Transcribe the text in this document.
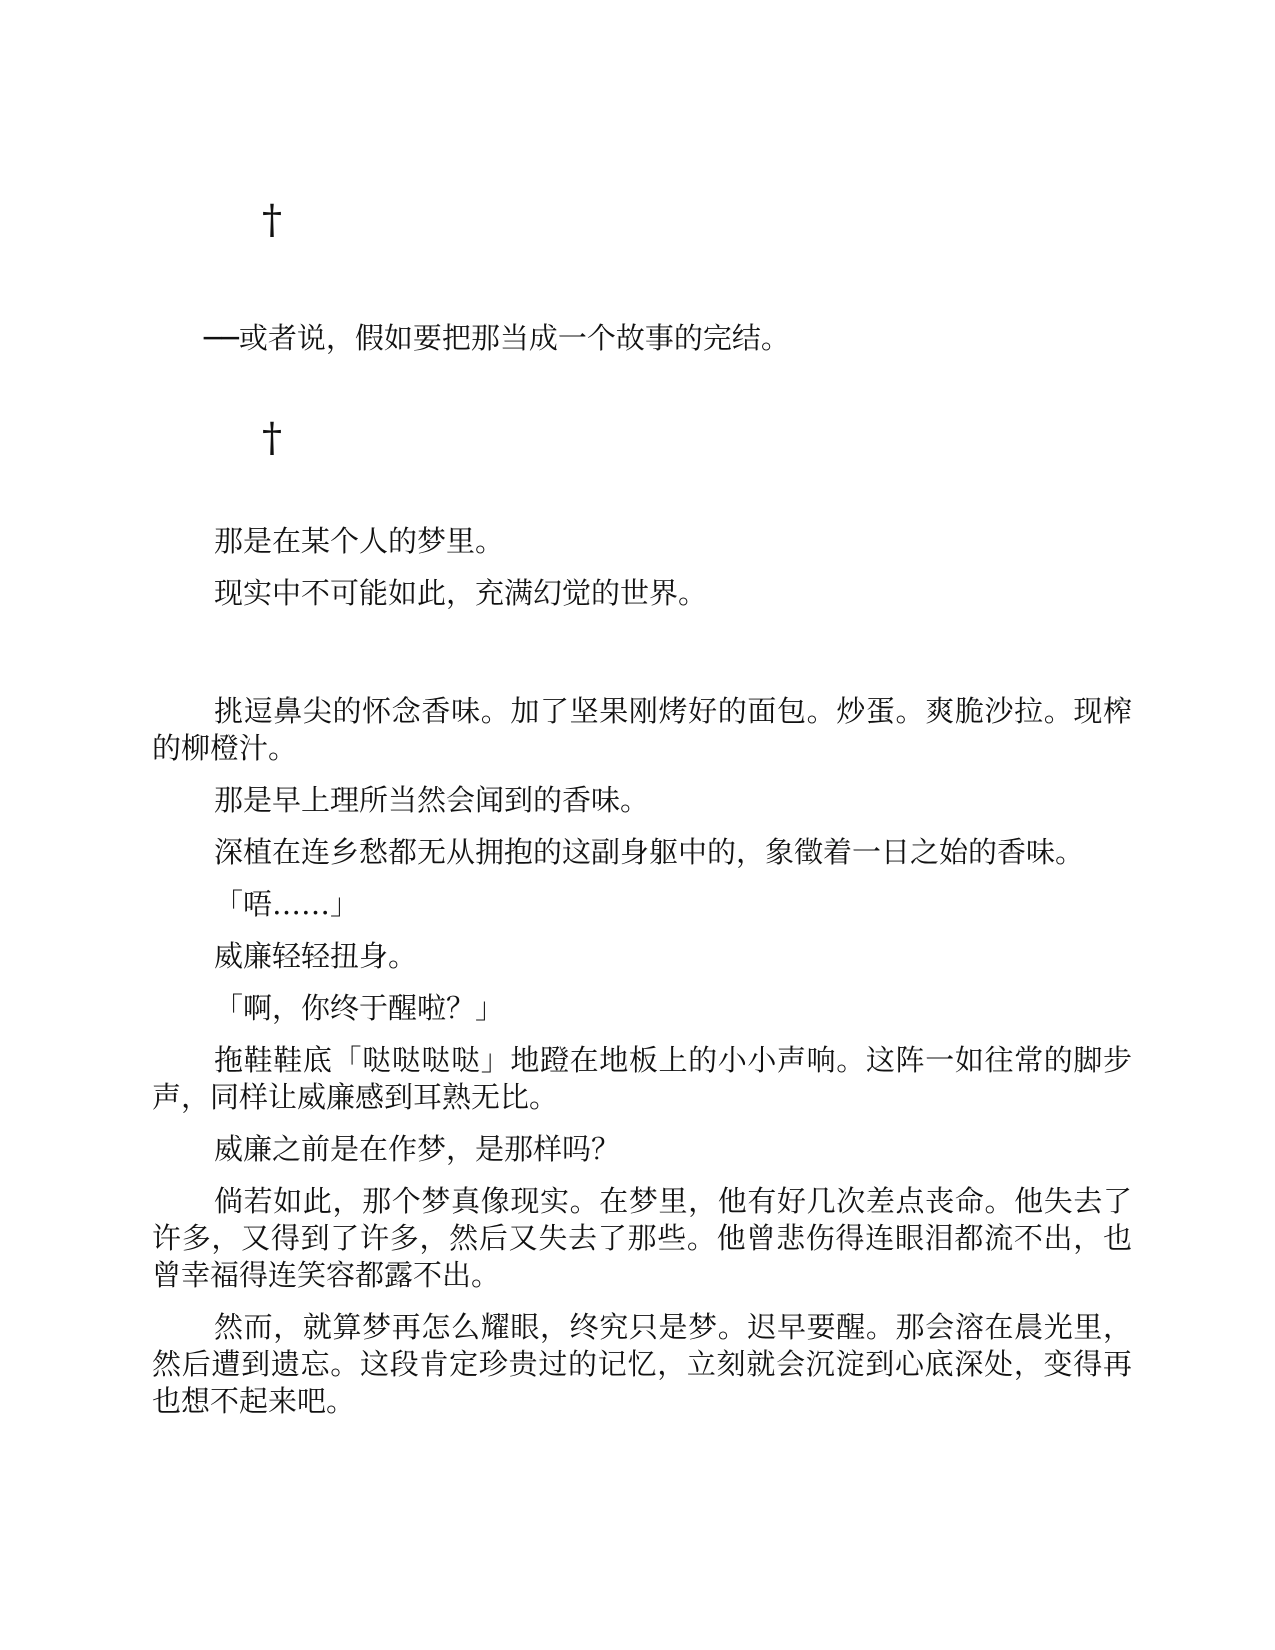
†

──或者说，假如要把那当成一个故事的完结。

†

那是在某个人的梦里。

现实中不可能如此，充满幻觉的世界。

挑逗鼻尖的怀念香味。加了坚果刚烤好的面包。炒蛋。爽脆沙拉。现榨的柳橙汁。

那是早上理所当然会闻到的香味。

深植在连乡愁都无从拥抱的这副身躯中的，象徵着一日之始的香味。

「唔……」

威廉轻轻扭身。

「啊，你终于醒啦？」

拖鞋鞋底「哒哒哒哒」地蹬在地板上的小小声响。这阵一如往常的脚步声，同样让威廉感到耳熟无比。

威廉之前是在作梦，是那样吗？

倘若如此，那个梦真像现实。在梦里，他有好几次差点丧命。他失去了许多，又得到了许多，然后又失去了那些。他曾悲伤得连眼泪都流不出，也曾幸福得连笑容都露不出。

然而，就算梦再怎么耀眼，终究只是梦。迟早要醒。那会溶在晨光里，然后遭到遗忘。这段肯定珍贵过的记忆，立刻就会沉淀到心底深处，变得再也想不起来吧。
